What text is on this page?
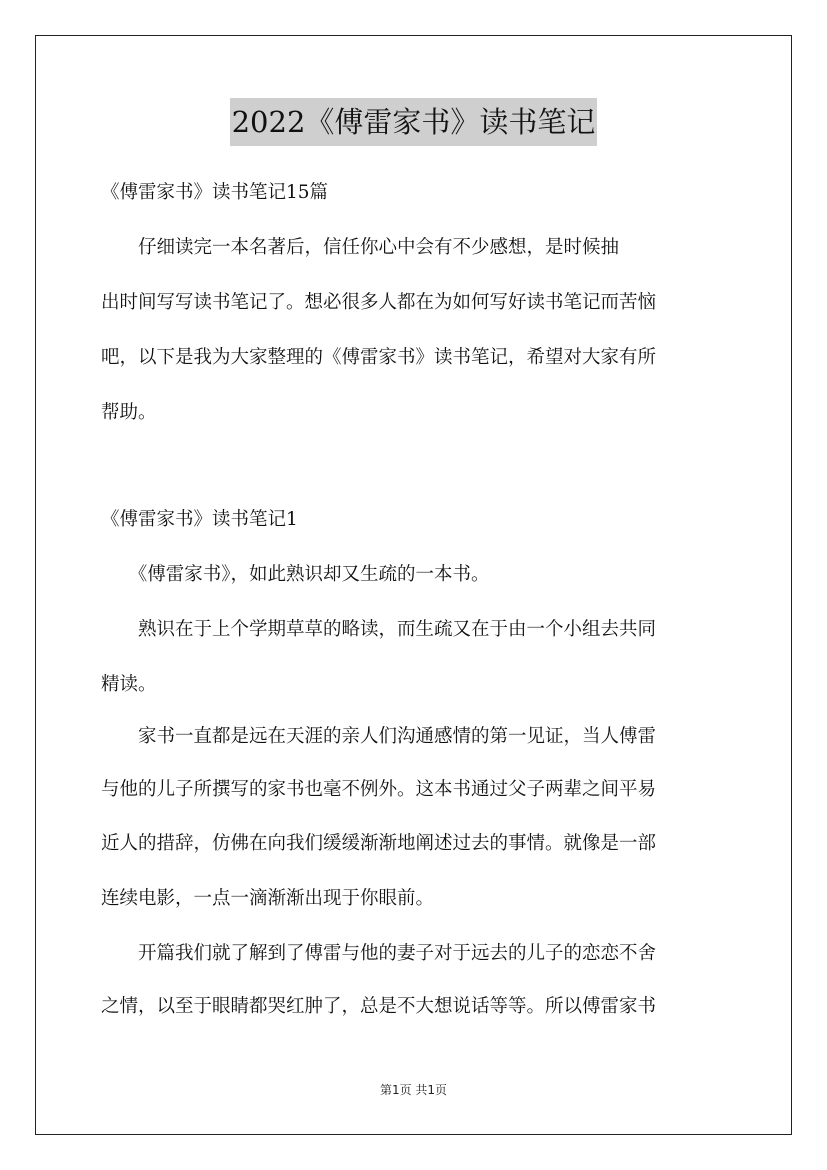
2022《傅雷家书》读书笔记
《傅雷家书》读书笔记15篇
　　仔细读完一本名著后，信任你心中会有不少感想，是时候抽
出时间写写读书笔记了。想必很多人都在为如何写好读书笔记而苦恼
吧，以下是我为大家整理的《傅雷家书》读书笔记，希望对大家有所
帮助。
《傅雷家书》读书笔记1
　　《傅雷家书》，如此熟识却又生疏的一本书。
　　熟识在于上个学期草草的略读，而生疏又在于由一个小组去共同
精读。
　　家书一直都是远在天涯的亲人们沟通感情的第一见证，当人傅雷
与他的儿子所撰写的家书也毫不例外。这本书通过父子两辈之间平易
近人的措辞，仿佛在向我们缓缓渐渐地阐述过去的事情。就像是一部
连续电影，一点一滴渐渐出现于你眼前。
　　开篇我们就了解到了傅雷与他的妻子对于远去的儿子的恋恋不舍
之情，以至于眼睛都哭红肿了，总是不大想说话等等。所以傅雷家书
第1页 共1页
